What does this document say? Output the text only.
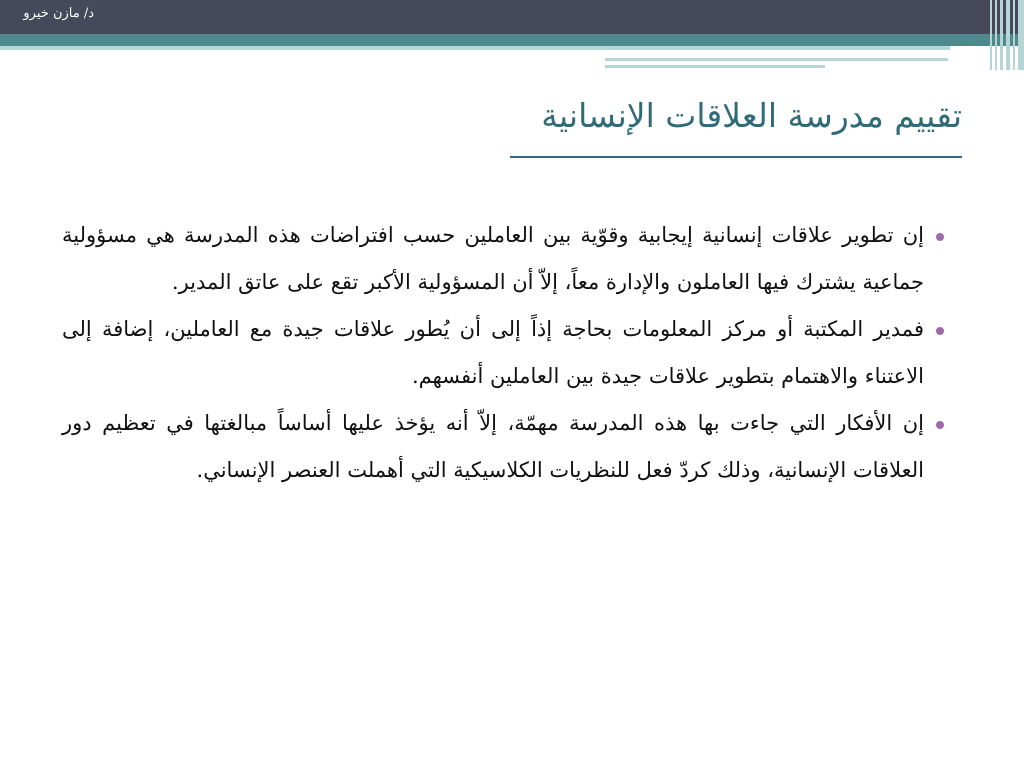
د/ مازن خيرو
تقييم مدرسة العلاقات الإنسانية

إن تطوير علاقات إنسانية إيجابية وقوّية بين العاملين حسب افتراضات هذه المدرسة هي مسؤولية جماعية يشترك فيها العاملون والإدارة معاً، إلاّ أن المسؤولية الأكبر تقع على عاتق المدير.

فمدير المكتبة أو مركز المعلومات بحاجة إذاً إلى أن يُطور علاقات جيدة مع العاملين، إضافة إلى الاعتناء والاهتمام بتطوير علاقات جيدة بين العاملين أنفسهم.

إن الأفكار التي جاءت بها هذه المدرسة مهمّة، إلاّ أنه يؤخذ عليها أساساً مبالغتها في تعظيم دور العلاقات الإنسانية، وذلك كردّ فعل للنظريات الكلاسيكية التي أهملت العنصر الإنساني.
